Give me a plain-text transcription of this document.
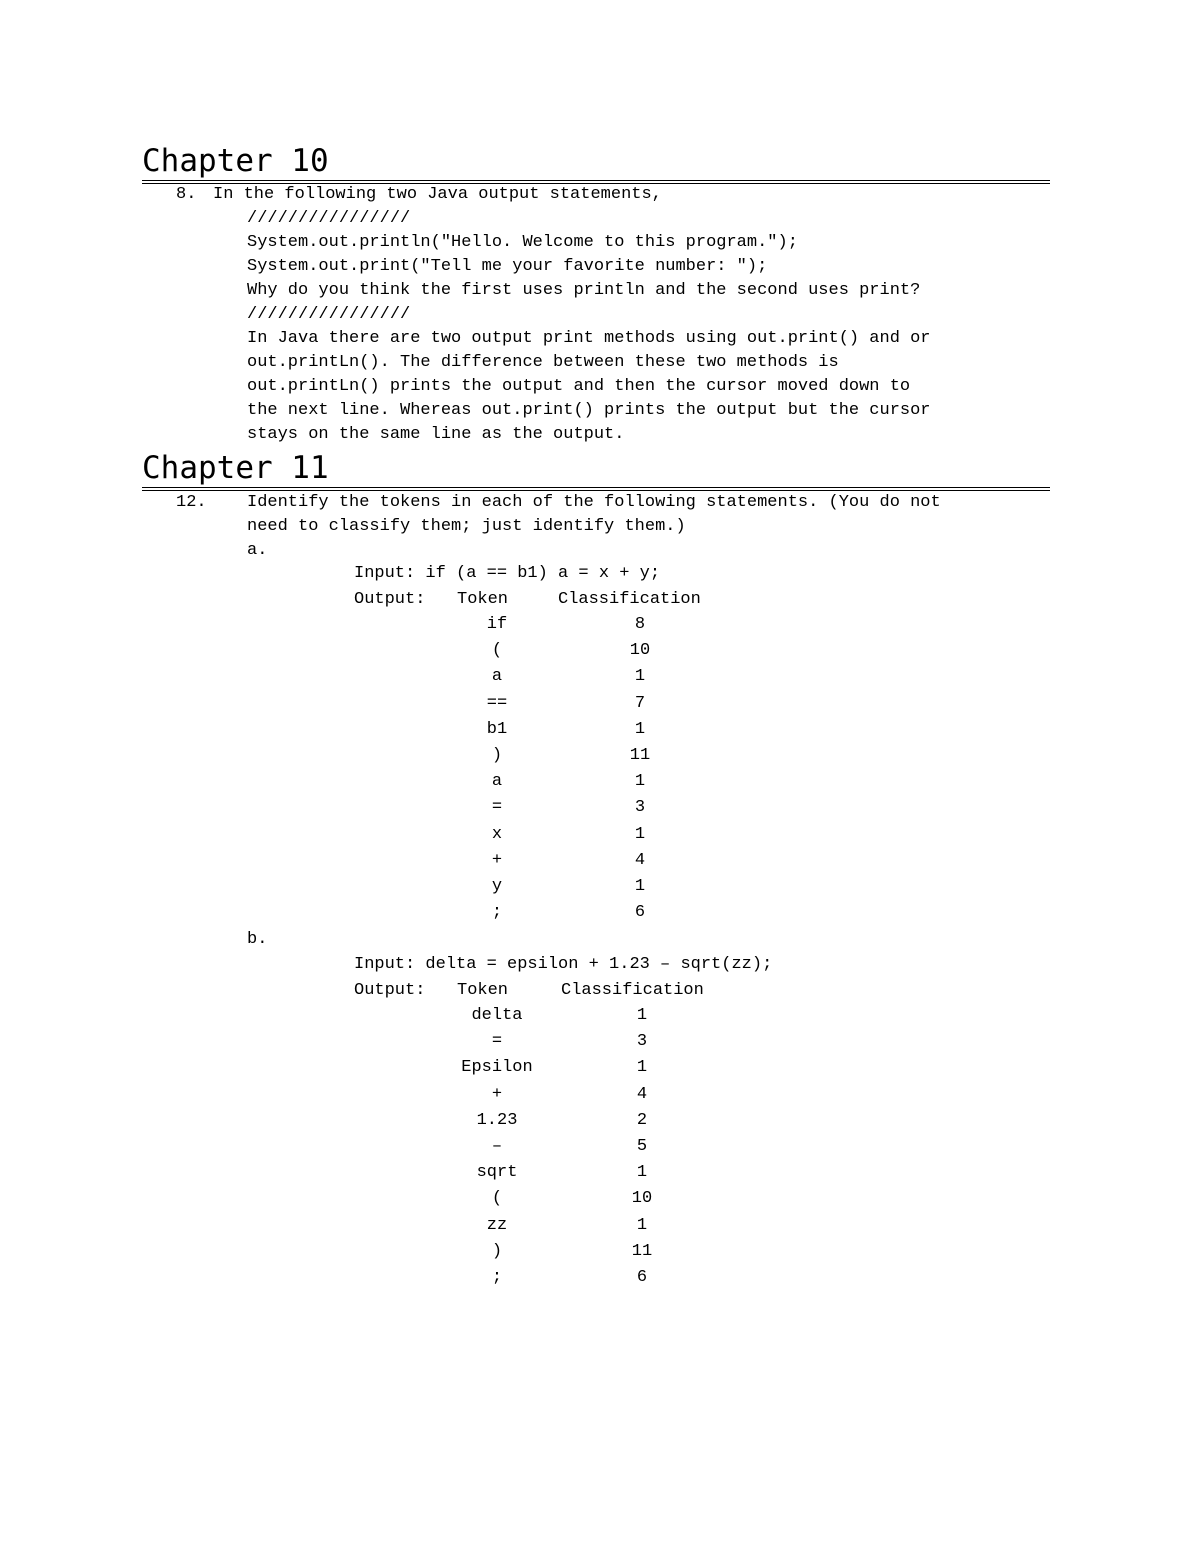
Chapter 10
8. In the following two Java output statements,
////////////////
System.out.println("Hello. Welcome to this program.");
System.out.print("Tell me your favorite number: ");
Why do you think the first uses println and the second uses print?
////////////////
In Java there are two output print methods using out.print() and or
out.printLn(). The difference between these two methods is
out.printLn() prints the output and then the cursor moved down to
the next line. Whereas out.print() prints the output but the cursor
stays on the same line as the output.
Chapter 11
12. Identify the tokens in each of the following statements. (You do not
need to classify them; just identify them.)
a.
Input: if (a == b1) a = x + y;
Output: Token	Classification
if	8
(	10
a	1
==	7
b1	1
)	11
a	1
=	3
x	1
+	4
y	1
;	6
b.
Input: delta = epsilon + 1.23 – sqrt(zz);
Output: Token	Classification
delta	1
=	3
Epsilon	1
+	4
1.23	2
–	5
sqrt	1
(	10
zz	1
)	11
;	6
